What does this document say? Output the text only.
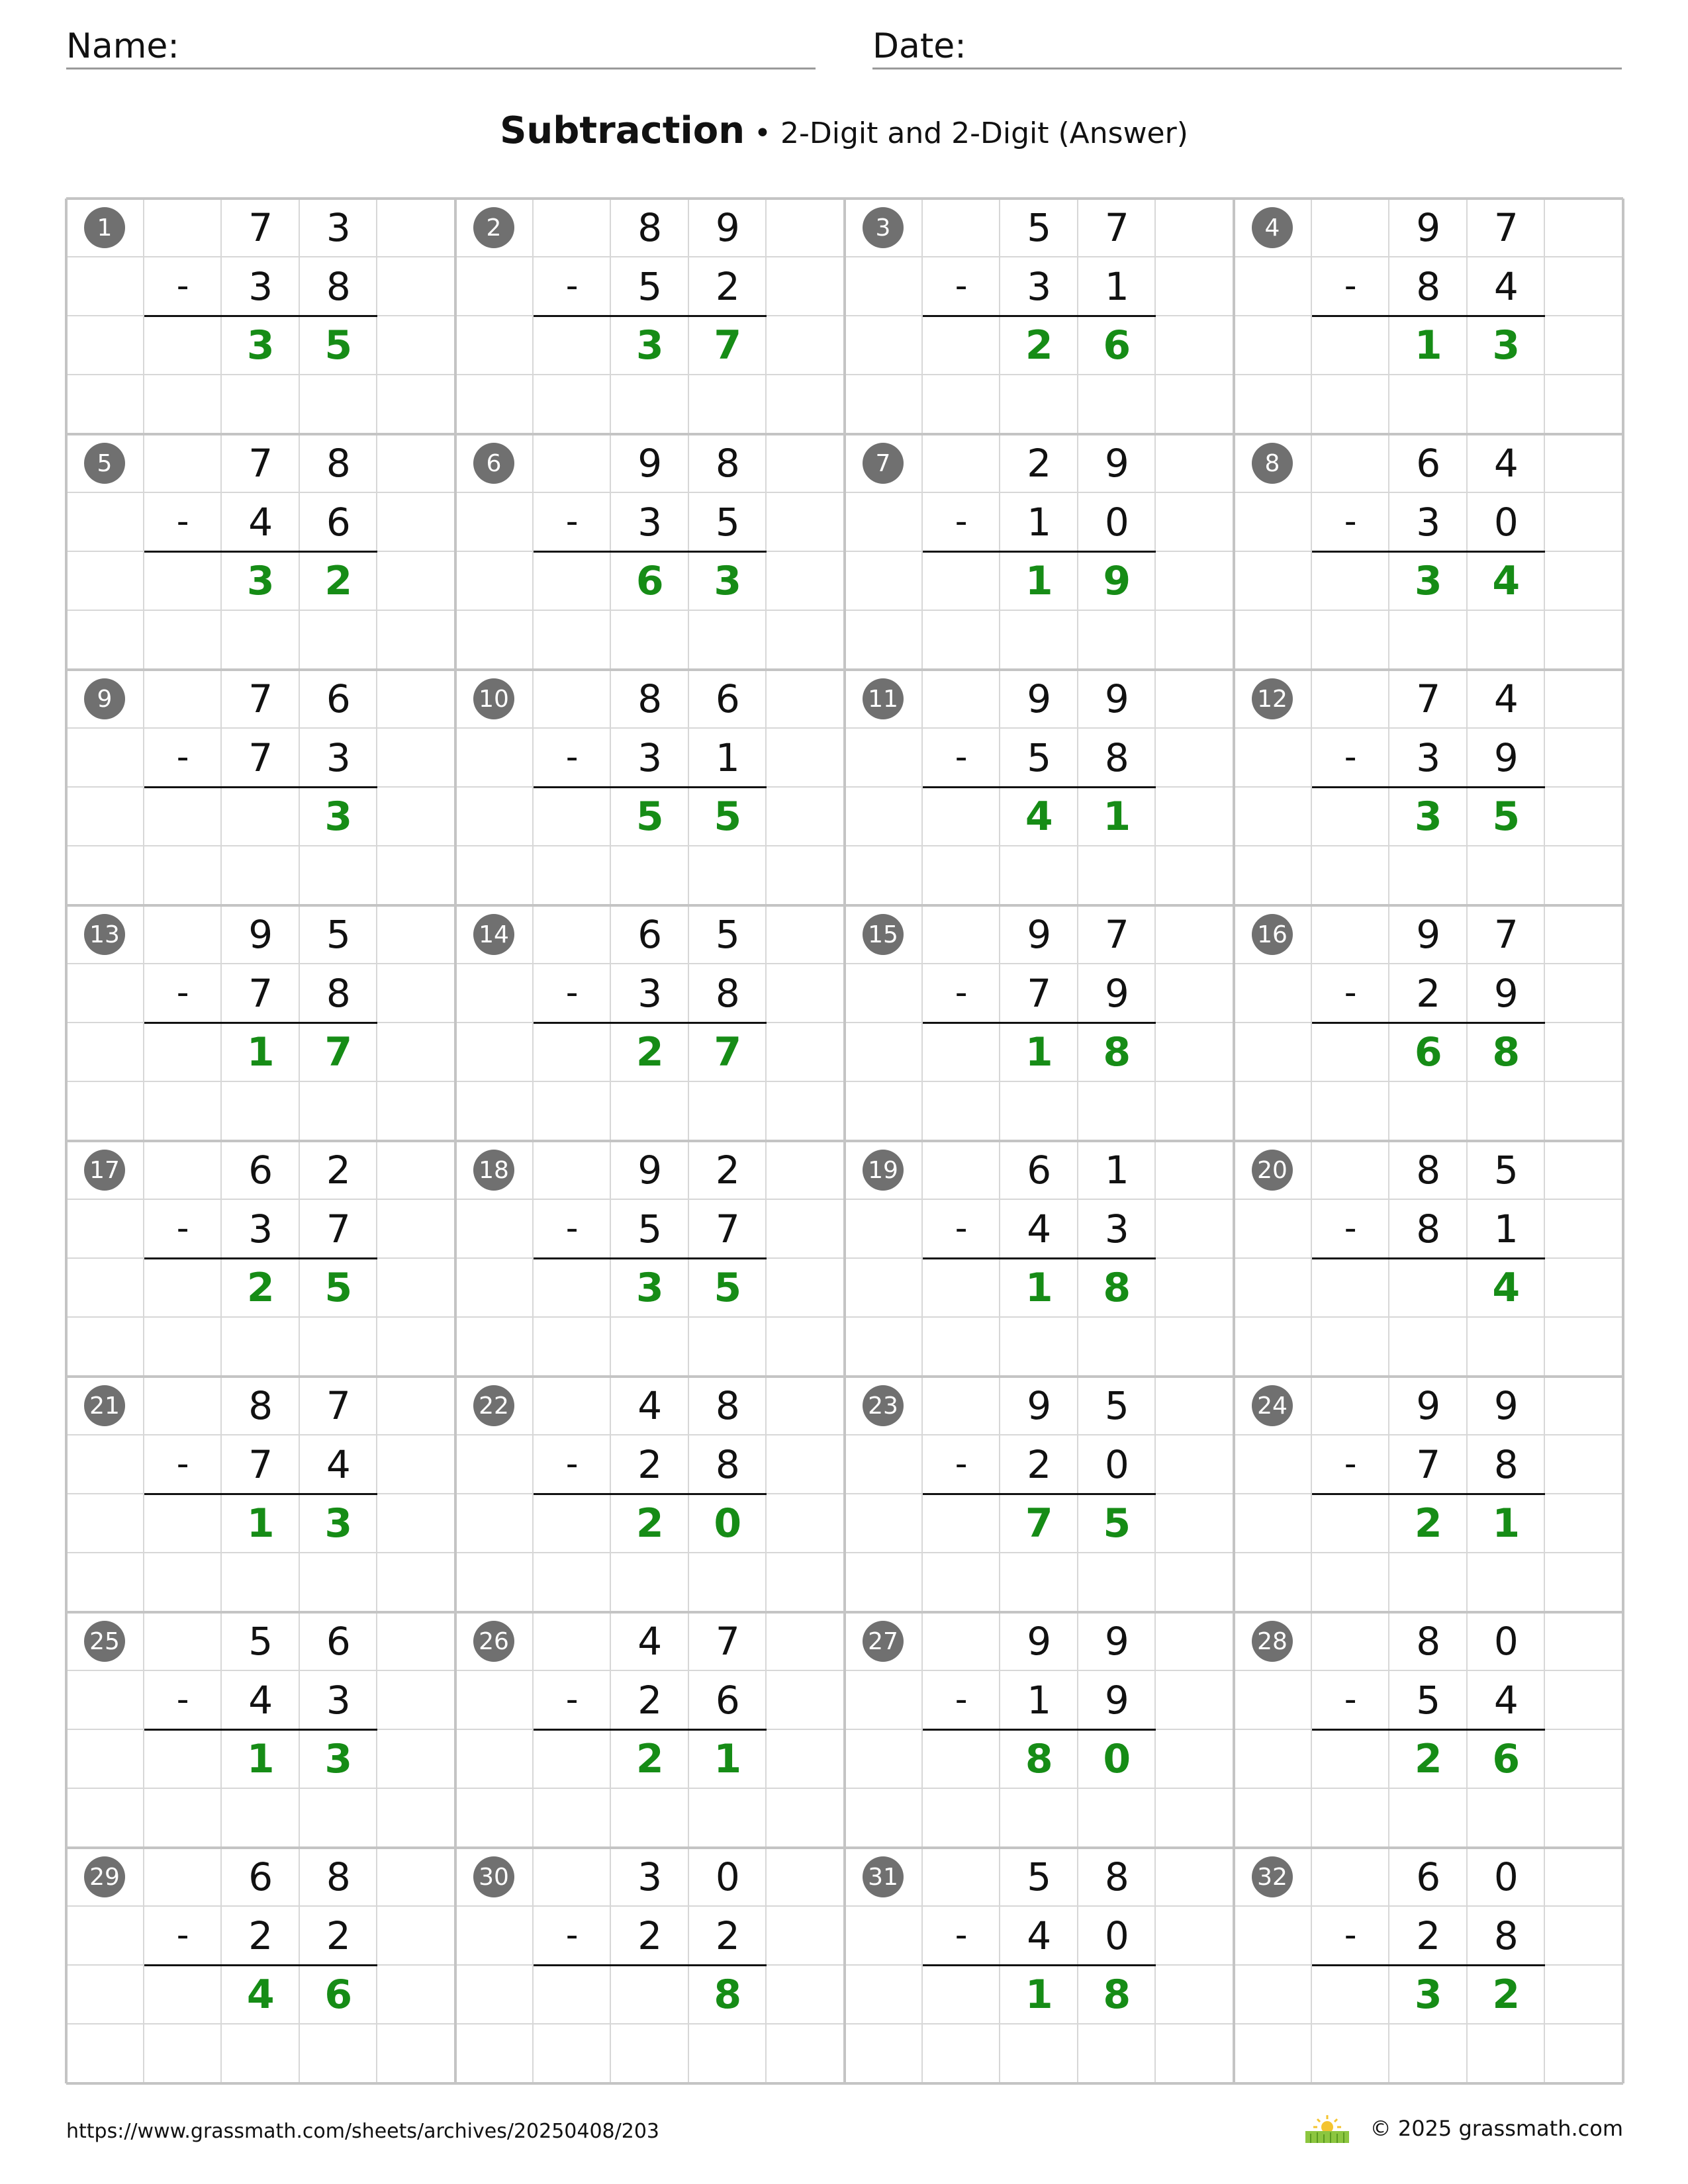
Name:	Date:
Subtraction • 2-Digit and 2-Digit (Answer)
1	7	3
3	8
-
3	5
2	8	9
5	2
-
3	7
3	5	7
3	1
-
2	6
4	9	7
8	4
-
1	3
5	7	8
4	6
-
3	2
6	9	8
3	5
-
6	3
7	2	9
1	0
-
1	9
8	6	4
3	0
-
3	4
9	7	6
7	3
-
3
10	8	6
3	1
-
5	5
11	9	9
5	8
-
4	1
12	7	4
3	9
-
3	5
13	9	5
7	8
-
1	7
14	6	5
3	8
-
2	7
15	9	7
7	9
-
1	8
16	9	7
2	9
-
6	8
17	6	2
3	7
-
2	5
18	9	2
5	7
-
3	5
19	6	1
4	3
-
1	8
20	8	5
8	1
-
4
21	8	7
7	4
-
1	3
22	4	8
2	8
-
2	0
23	9	5
2	0
-
7	5
24	9	9
7	8
-
2	1
25	5	6
4	3
-
1	3
26	4	7
2	6
-
2	1
27	9	9
1	9
-
8	0
28	8	0
5	4
-
2	6
29	6	8
2	2
-
4	6
30	3	0
2	2
-
8
31	5	8
4	0
-
1	8
32	6	0
2	8
-
3	2
https://www.grassmath.com/sheets/archives/20250408/203	© 2025 grassmath.com
